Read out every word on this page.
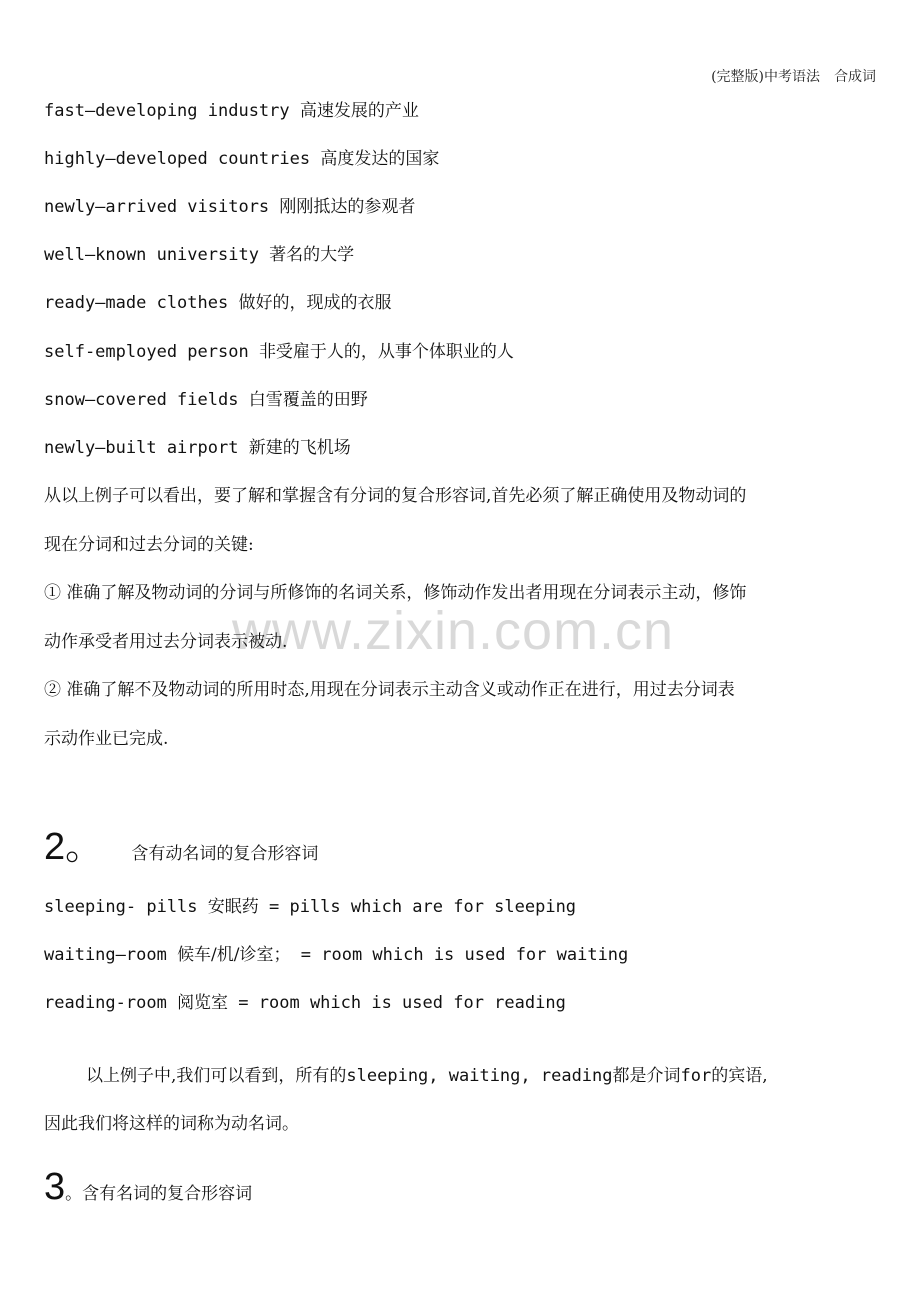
(完整版)中考语法　合成词
www.zixin.com.cn
fast—developing industry 高速发展的产业
highly—developed countries 高度发达的国家
newly—arrived visitors 刚刚抵达的参观者
well—known university 著名的大学
ready—made clothes 做好的，现成的衣服
self-employed person 非受雇于人的，从事个体职业的人
snow—covered fields 白雪覆盖的田野
newly—built airport 新建的飞机场
从以上例子可以看出，要了解和掌握含有分词的复合形容词,首先必须了解正确使用及物动词的
现在分词和过去分词的关键:
① 准确了解及物动词的分词与所修饰的名词关系，修饰动作发出者用现在分词表示主动，修饰
动作承受者用过去分词表示被动.
② 准确了解不及物动词的所用时态,用现在分词表示主动含义或动作正在进行，用过去分词表
示动作业已完成.
2。 含有动名词的复合形容词
sleeping- pills 安眠药 = pills which are for sleeping
waiting—room 候车/机/诊室； = room which is used for waiting
reading-room 阅览室 = room which is used for reading
以上例子中,我们可以看到，所有的sleeping, waiting, reading都是介词for的宾语,
因此我们将这样的词称为动名词。
3。含有名词的复合形容词
